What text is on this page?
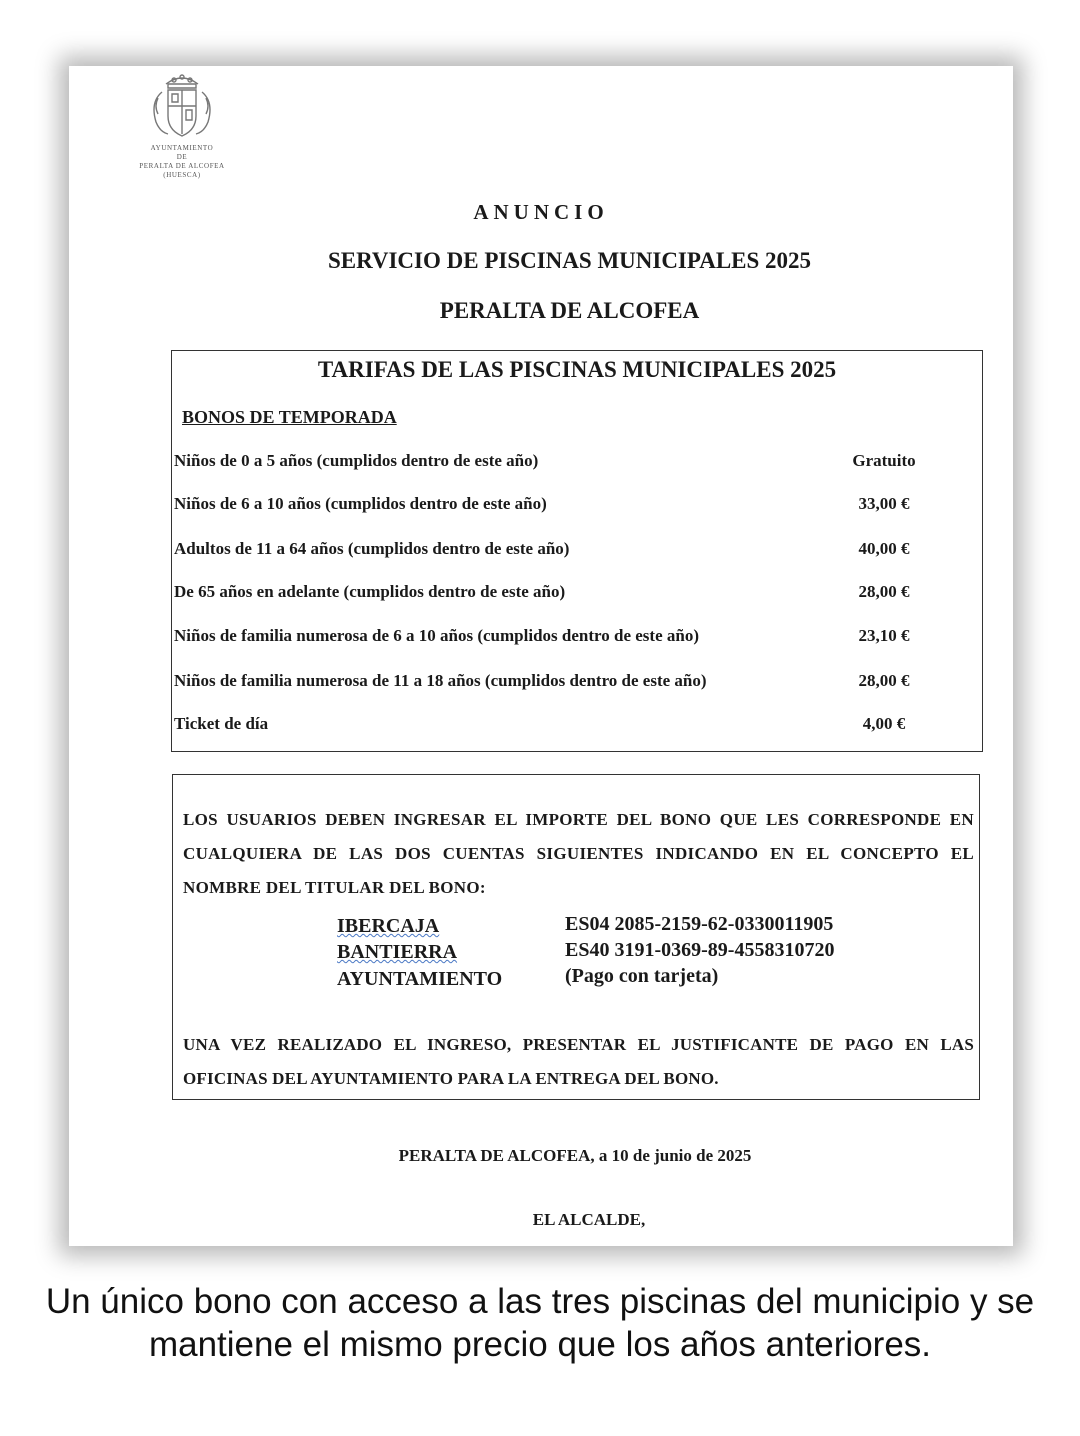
AYUNTAMIENTO
DE
PERALTA DE ALCOFEA
(HUESCA)
ANUNCIO
SERVICIO DE PISCINAS MUNICIPALES 2025
PERALTA DE ALCOFEA
TARIFAS DE LAS PISCINAS MUNICIPALES 2025
BONOS DE TEMPORADA
Niños de 0 a 5 años (cumplidos dentro de este año)	Gratuito
Niños de 6 a 10 años (cumplidos dentro de este año)	33,00 €
Adultos de 11 a 64 años (cumplidos dentro de este año)	40,00 €
De 65 años en adelante (cumplidos dentro de este año)	28,00 €
Niños de familia numerosa de 6 a 10 años (cumplidos dentro de este año)	23,10 €
Niños de familia numerosa de 11 a 18 años (cumplidos dentro de este año)	28,00 €
Ticket de día	4,00 €
LOS USUARIOS DEBEN INGRESAR EL IMPORTE DEL BONO QUE LES CORRESPONDE EN CUALQUIERA DE LAS DOS CUENTAS SIGUIENTES INDICANDO EN EL CONCEPTO EL NOMBRE DEL TITULAR DEL BONO:
IBERCAJA	ES04 2085-2159-62-0330011905
BANTIERRA	ES40 3191-0369-89-4558310720
AYUNTAMIENTO	(Pago con tarjeta)
UNA VEZ REALIZADO EL INGRESO, PRESENTAR EL JUSTIFICANTE DE PAGO EN LAS OFICINAS DEL AYUNTAMIENTO PARA LA ENTREGA DEL BONO.
PERALTA DE ALCOFEA, a 10 de junio de 2025
EL ALCALDE,
Un único bono con acceso a las tres piscinas del municipio y se mantiene el mismo precio que los años anteriores.
